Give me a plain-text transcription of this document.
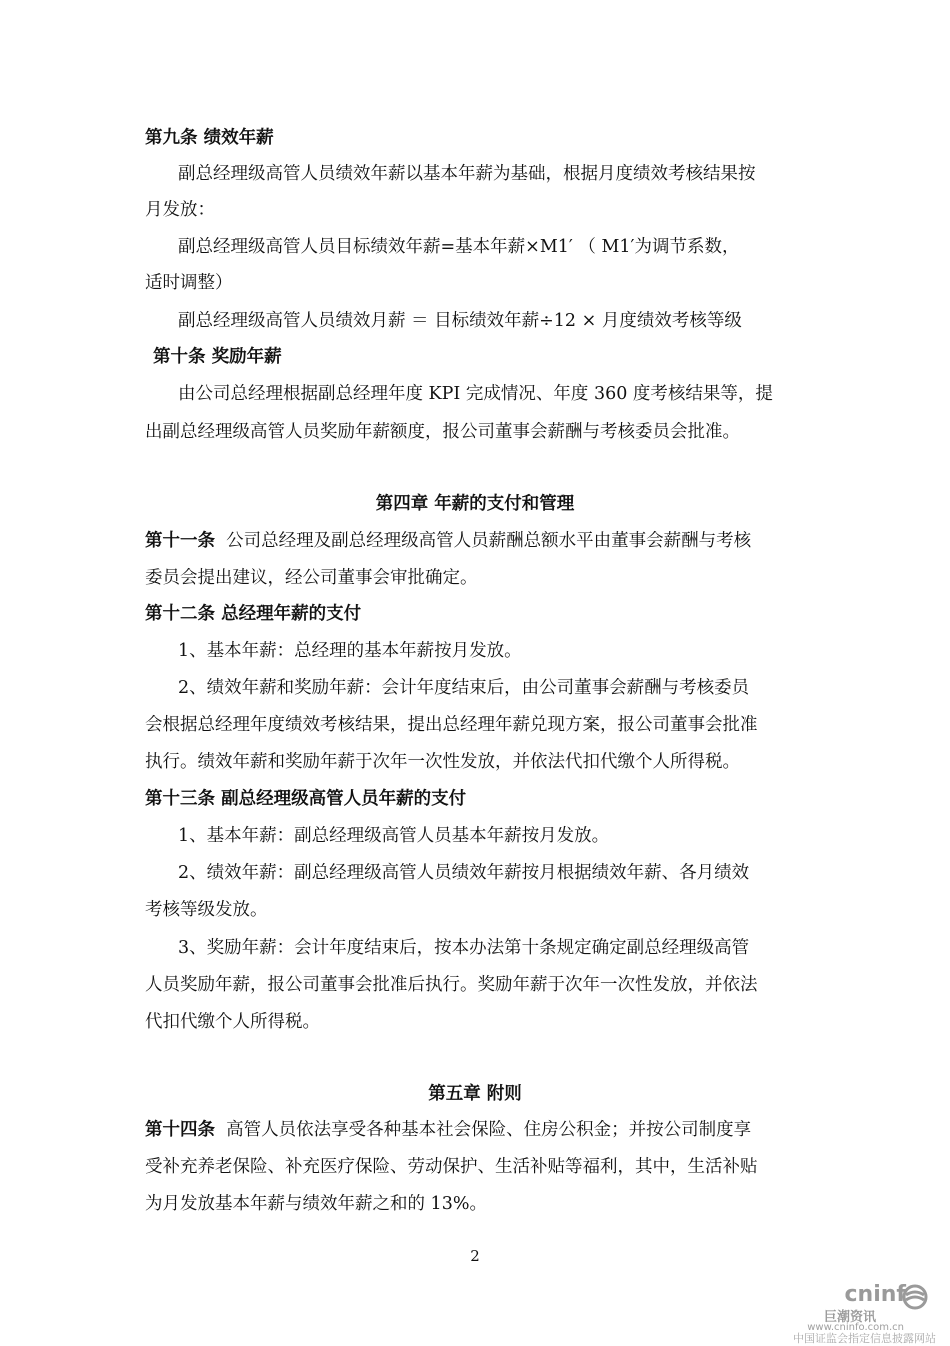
第九条 绩效年薪
副总经理级高管人员绩效年薪以基本年薪为基础，根据月度绩效考核结果按
月发放：
副总经理级高管人员目标绩效年薪=基本年薪×M1′ （ M1′为调节系数，
适时调整）
副总经理级高管人员绩效月薪 ＝ 目标绩效年薪÷12 × 月度绩效考核等级
第十条 奖励年薪
由公司总经理根据副总经理年度 KPI 完成情况、年度 360 度考核结果等，提
出副总经理级高管人员奖励年薪额度，报公司董事会薪酬与考核委员会批准。
第四章 年薪的支付和管理
第十一条 公司总经理及副总经理级高管人员薪酬总额水平由董事会薪酬与考核
委员会提出建议，经公司董事会审批确定。
第十二条 总经理年薪的支付
1、基本年薪：总经理的基本年薪按月发放。
2、绩效年薪和奖励年薪：会计年度结束后，由公司董事会薪酬与考核委员
会根据总经理年度绩效考核结果，提出总经理年薪兑现方案，报公司董事会批准
执行。绩效年薪和奖励年薪于次年一次性发放，并依法代扣代缴个人所得税。
第十三条 副总经理级高管人员年薪的支付
1、基本年薪：副总经理级高管人员基本年薪按月发放。
2、绩效年薪：副总经理级高管人员绩效年薪按月根据绩效年薪、各月绩效
考核等级发放。
3、奖励年薪：会计年度结束后，按本办法第十条规定确定副总经理级高管
人员奖励年薪，报公司董事会批准后执行。奖励年薪于次年一次性发放，并依法
代扣代缴个人所得税。
第五章 附则
第十四条 高管人员依法享受各种基本社会保险、住房公积金；并按公司制度享
受补充养老保险、补充医疗保险、劳动保护、生活补贴等福利，其中，生活补贴
为月发放基本年薪与绩效年薪之和的 13%。
2
cninf
巨潮资讯
www.cninfo.com.cn
中国证监会指定信息披露网站
